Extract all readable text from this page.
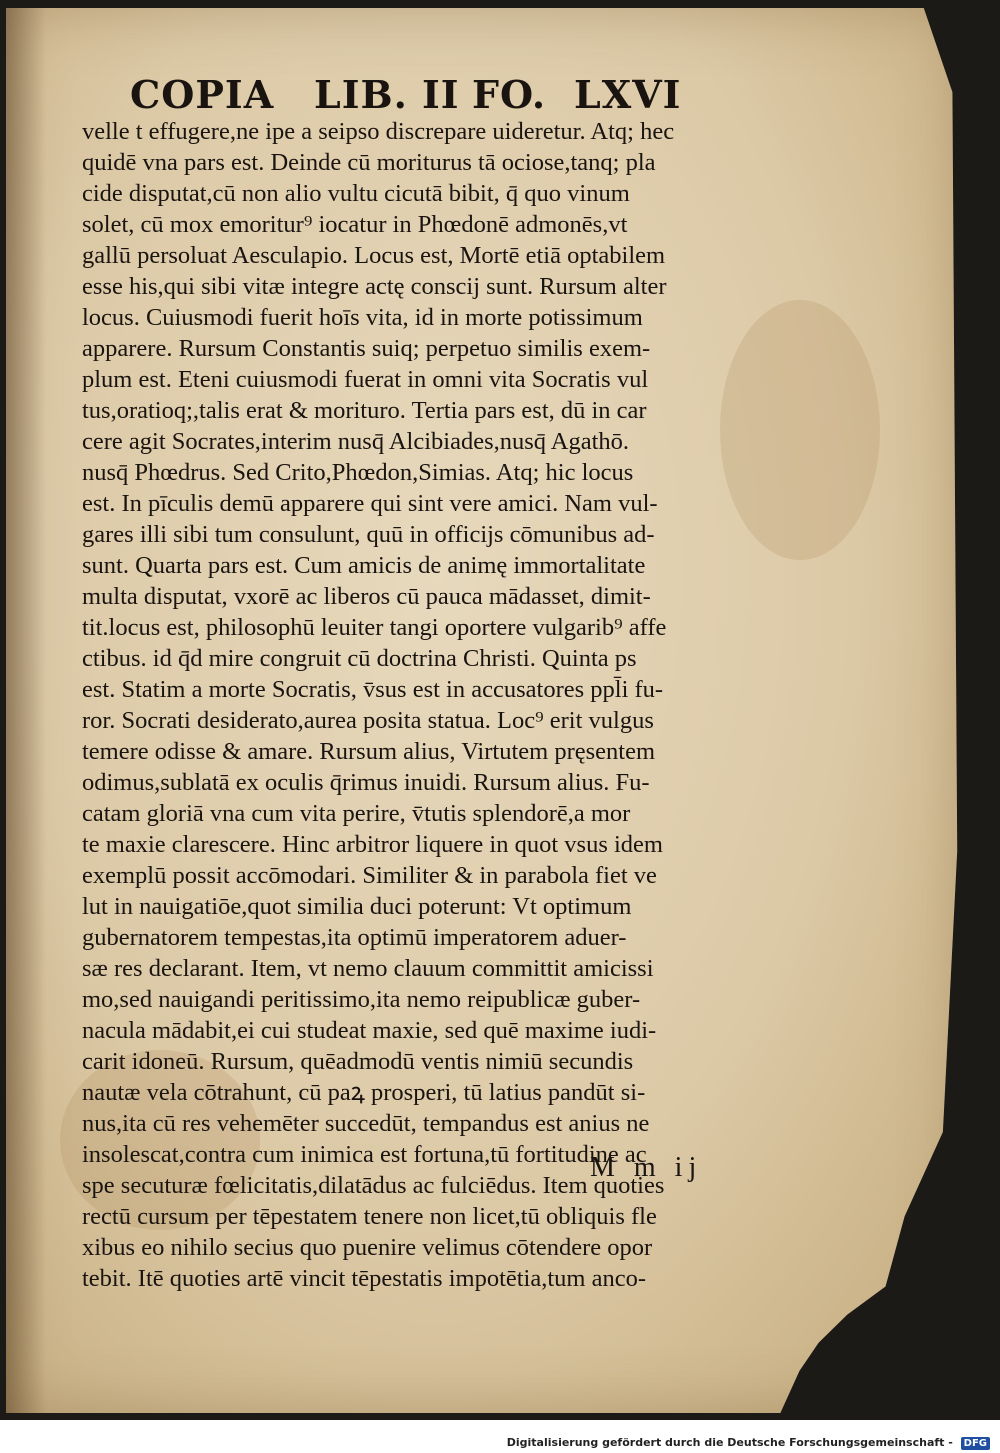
COPIA LIB. II FO. LXVI
velle t effugere,ne ipe a seipso discrepare uideretur. Atq; hec
quidē vna pars est. Deinde cū moriturus tā ociose,tanq; pla
cide disputat,cū non alio vultu cicutā bibit, q̄ quo vinum
solet, cū mox emoritur⁹ iocatur in Phœdonē admonēs,vt
gallū persoluat Aesculapio. Locus est, Mortē etiā optabilem
esse his,qui sibi vitæ integre actę conscij sunt. Rursum alter
locus. Cuiusmodi fuerit hoīs vita, id in morte potissimum
apparere. Rursum Constantis suiq; perpetuo similis exem-
plum est. Eteni cuiusmodi fuerat in omni vita Socratis vul
tus,oratioq;,talis erat & morituro. Tertia pars est, dū in car
cere agit Socrates,interim nusq̄ Alcibiades,nusq̄ Agathō.
nusq̄ Phœdrus. Sed Crito,Phœdon,Simias. Atq; hic locus
est. In pīculis demū apparere qui sint vere amici. Nam vul-
gares illi sibi tum consulunt, quū in officijs cōmunibus ad-
sunt. Quarta pars est. Cum amicis de animę immortalitate
multa disputat, vxorē ac liberos cū pauca mādasset, dimit-
tit.locus est, philosophū leuiter tangi oportere vulgarib⁹ affe
ctibus. id q̄d mire congruit cū doctrina Christi. Quinta ps
est. Statim a morte Socratis, v̄sus est in accusatores ppl̄i fu-
ror. Socrati desiderato,aurea posita statua. Loc⁹ erit vulgus
temere odisse & amare. Rursum alius, Virtutem pręsentem
odimus,sublatā ex oculis q̄rimus inuidi. Rursum alius. Fu-
catam gloriā vna cum vita perire, v̄tutis splendorē,a mor
te maxie clarescere. Hinc arbitror liquere in quot vsus idem
exemplū possit accōmodari. Similiter & in parabola fiet ve
lut in nauigatiōe,quot similia duci poterunt: Vt optimum
gubernatorem tempestas,ita optimū imperatorem aduer-
sæ res declarant. Item, vt nemo clauum committit amicissi
mo,sed nauigandi peritissimo,ita nemo reipublicæ guber-
nacula mādabit,ei cui studeat maxie, sed quē maxime iudi-
carit idoneū. Rursum, quēadmodū ventis nimiū secundis
nautæ vela cōtrahunt, cū paꝝ prosperi, tū latius pandūt si-
nus,ita cū res vehemēter succedūt, tempandus est anius ne
insolescat,contra cum inimica est fortuna,tū fortitudine ac
spe secuturæ fœlicitatis,dilatādus ac fulciēdus. Item quoties
rectū cursum per tēpestatem tenere non licet,tū obliquis fle
xibus eo nihilo secius quo puenire velimus cōtendere opor
tebit. Itē quoties artē vincit tēpestatis impotētia,tum anco-
M m ij
Digitalisierung gefördert durch die Deutsche Forschungsgemeinschaft - DFG
